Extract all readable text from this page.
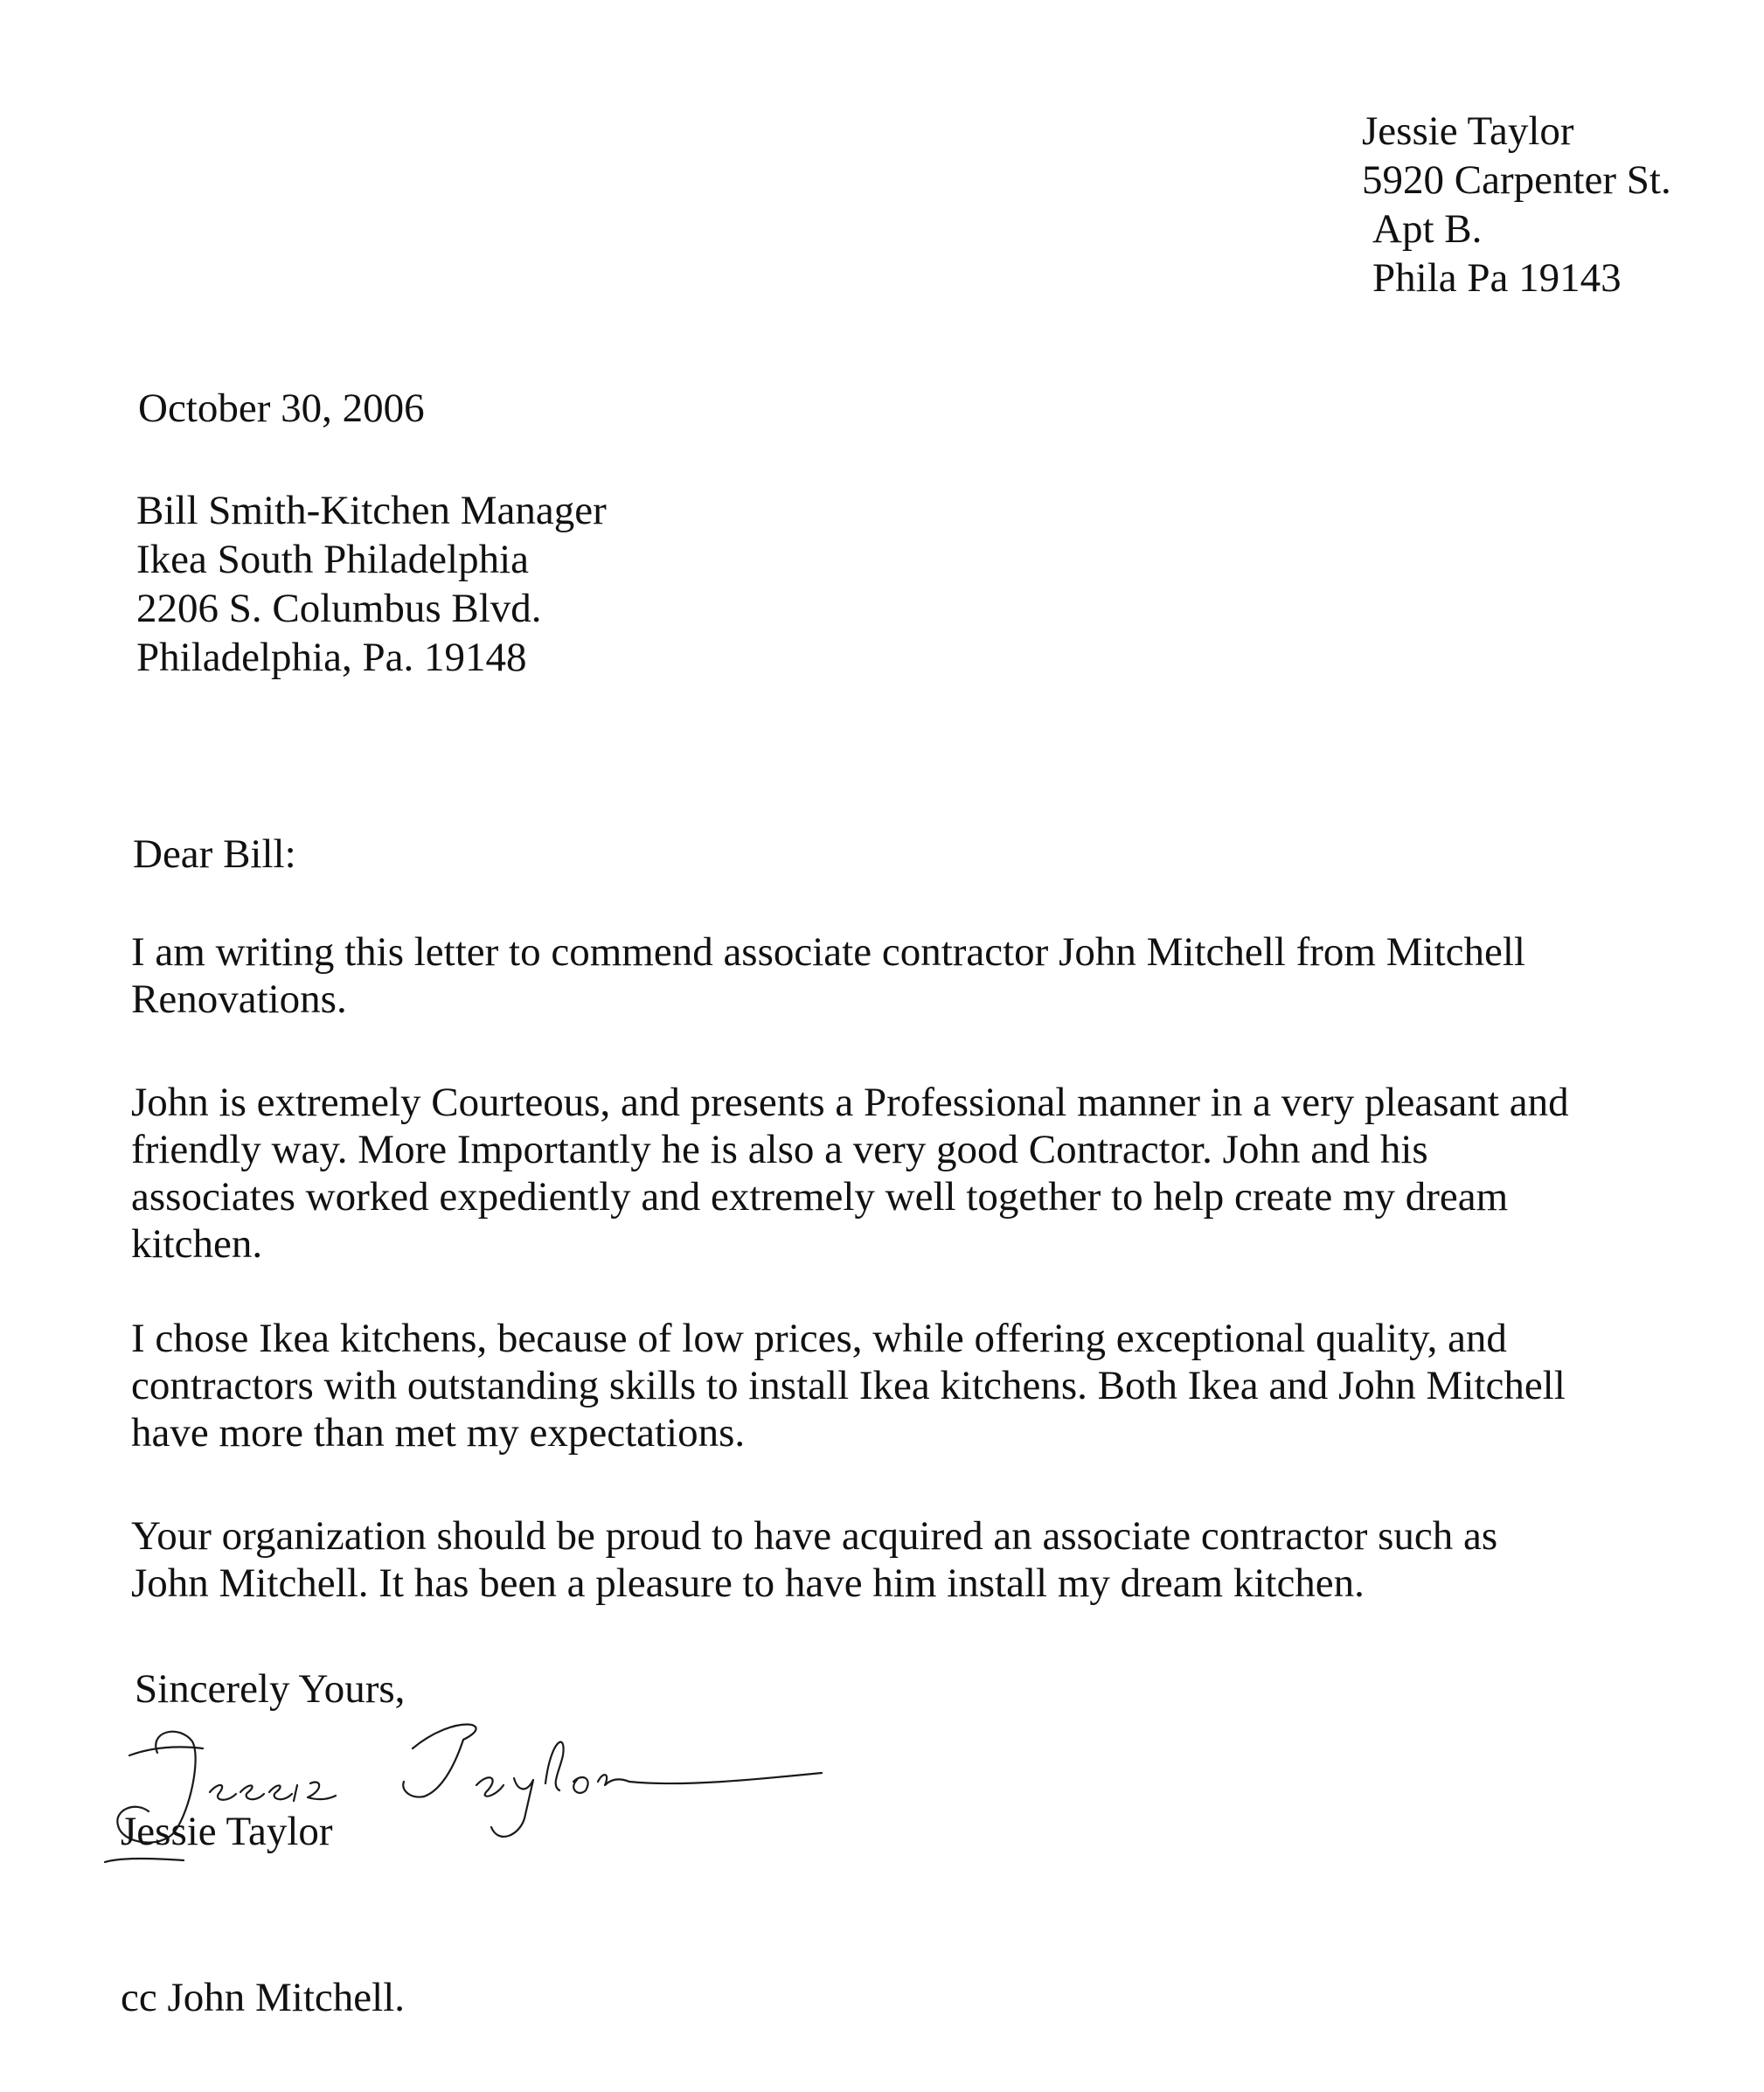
Jessie Taylor
5920 Carpenter St.
Apt B.
Phila Pa 19143
October 30, 2006
Bill Smith-Kitchen Manager
Ikea South Philadelphia
2206 S. Columbus Blvd.
Philadelphia, Pa. 19148
Dear Bill:
I am writing this letter to commend associate contractor John Mitchell from Mitchell
Renovations.
John is extremely Courteous, and presents a Professional manner in a very pleasant and
friendly way. More Importantly he is also a very good Contractor. John and his
associates worked expediently and extremely well together to help create my dream
kitchen.
I chose Ikea kitchens, because of low prices, while offering exceptional quality, and
contractors with outstanding skills to install Ikea kitchens. Both Ikea and John Mitchell
have more than met my expectations.
Your organization should be proud to have acquired an associate contractor such as
John Mitchell. It has been a pleasure to have him install my dream kitchen.
Sincerely Yours,
Jessie Taylor
cc John Mitchell.
